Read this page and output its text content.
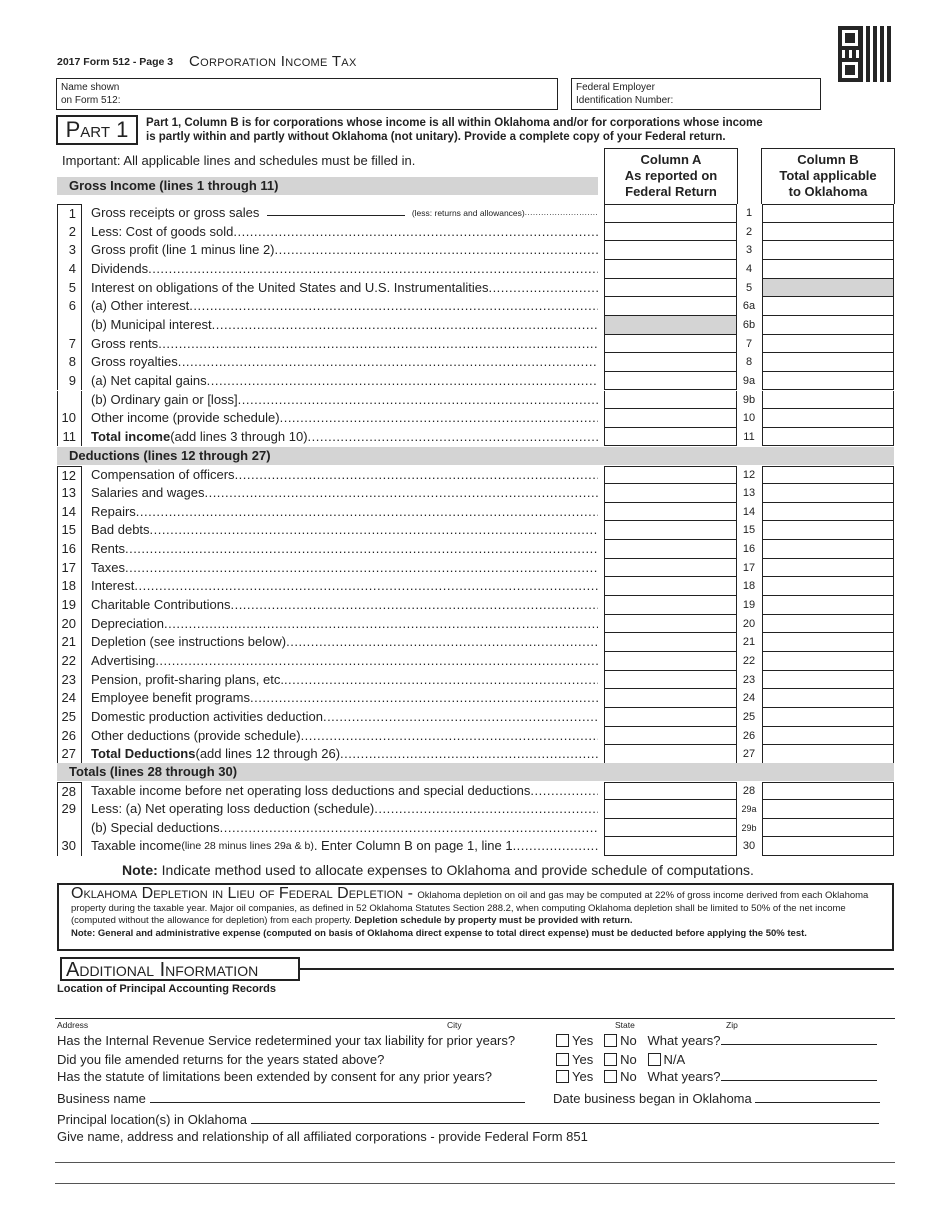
2017 Form 512 - Page 3 Corporation Income Tax
Name shown
on Form 512:
Federal Employer
Identification Number:
Part 1	Part 1, Column B is for corporations whose income is all within Oklahoma and/or for corporations whose income
is partly within and partly without Oklahoma (not unitary). Provide a complete copy of your Federal return.
Important: All applicable lines and schedules must be filled in.	Column A
As reported on
Federal Return
Column B
Total applicable
to Oklahoma
Gross Income (lines 1 through 11)
1	Gross receipts or gross sales

	(less: returns and allowances) .....	1
2	Less: Cost of goods sold .....	2
3	Gross profit (line 1 minus line 2) .....	3
4	Dividends .....	4
5	Interest on obligations of the United States and U.S. Instrumentalities .....	5
6	(a) Other interest .....	6a
(b) Municipal interest .....	6b
7	Gross rents .....	7
8	Gross royalties .....	8
9	(a) Net capital gains .....	9a
(b) Ordinary gain or [loss] .....	9b
10	Other income (provide schedule) .....	10
11	Total income (add lines 3 through 10) .....	11
Deductions (lines 12 through 27)
12	Compensation of officers .....	12
13	Salaries and wages .....	13
14	Repairs .....	14
15	Bad debts .....	15
16	Rents .....	16
17	Taxes .....	17
18	Interest .....	18
19	Charitable Contributions .....	19
20	Depreciation .....	20
21	Depletion (see instructions below) .....	21
22	Advertising .....	22
23	Pension, profit-sharing plans, etc. .....	23
24	Employee benefit programs .....	24
25	Domestic production activities deduction .....	25
26	Other deductions (provide schedule) .....	26
27	Total Deductions (add lines 12 through 26) .....	27
Totals (lines 28 through 30)
28	Taxable income before net operating loss deductions and special deductions .....	28
29	Less: (a) Net operating loss deduction (schedule) .....	29a
(b) Special deductions .....	29b
30	Taxable income (line 28 minus lines 29a & b) . Enter Column B on page 1, line 1 .....	30
Note: Indicate method used to allocate expenses to Oklahoma and provide schedule of computations.
Oklahoma Depletion in Lieu of Federal Depletion - Oklahoma depletion on oil and gas may be computed at 22% of gross income derived from each Oklahoma property during the taxable year. Major oil companies, as defined in 52 Oklahoma Statutes Section 288.2, when computing Oklahoma depletion shall be limited to 50% of the net income (computed without the allowance for depletion) from each property. Depletion schedule by property must be provided with return.
Note: General and administrative expense (computed on basis of Oklahoma direct expense to total direct expense) must be deducted before applying the 50% test.
Additional Information
Location of Principal Accounting Records
Address	City	State	Zip
Has the Internal Revenue Service redetermined your tax liability for prior years?	Yes No What years?
Did you file amended returns for the years stated above?	Yes No N/A
Has the statute of limitations been extended by consent for any prior years?	Yes No What years?
Business name	Date business began in Oklahoma
Principal location(s) in Oklahoma
Give name, address and relationship of all affiliated corporations - provide Federal Form 851
